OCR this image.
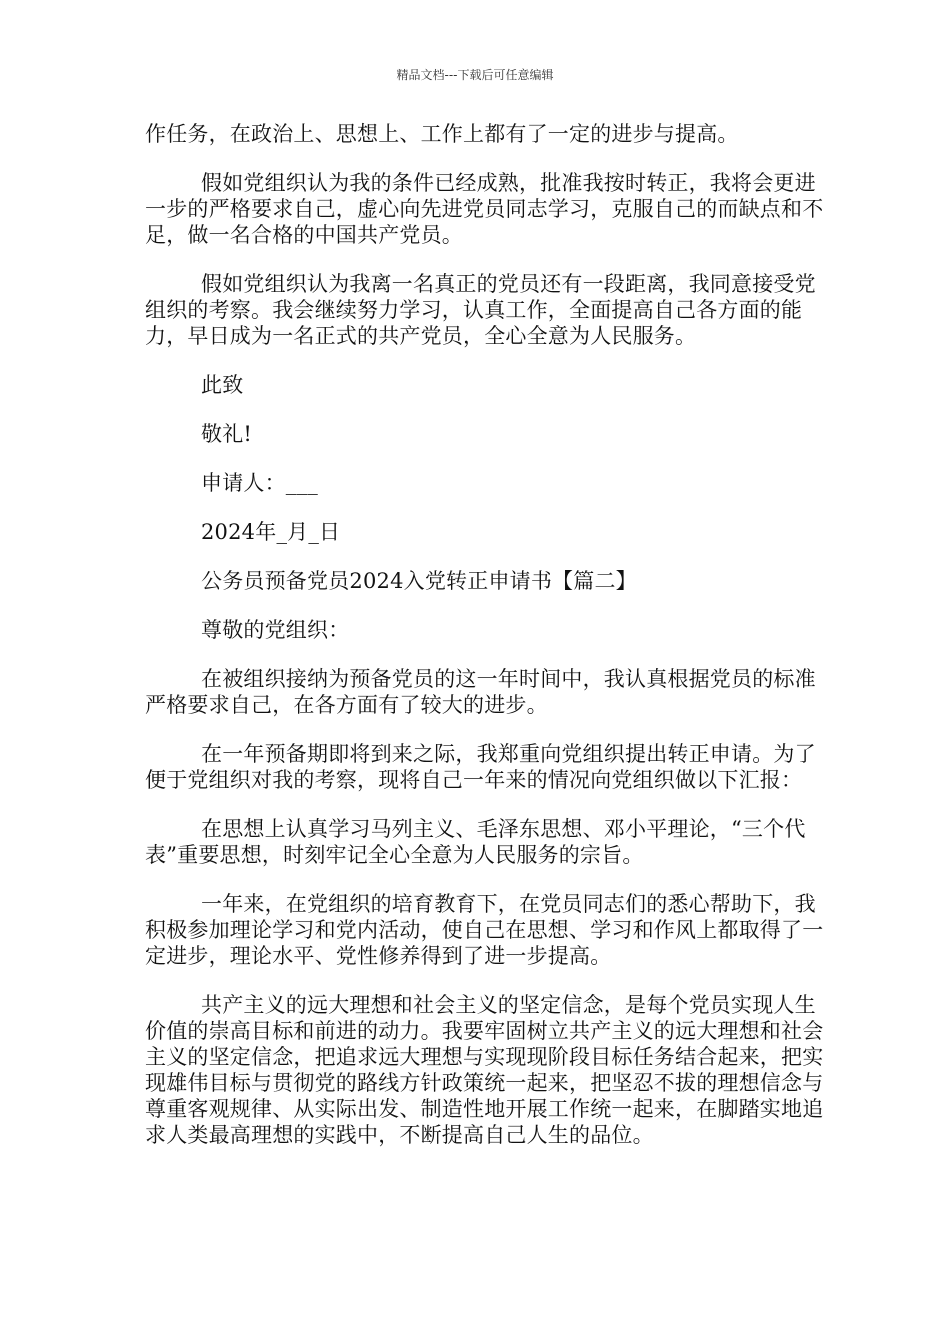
精品文档---下载后可任意编辑

作任务，在政治上、思想上、工作上都有了一定的进步与提高。

假如党组织认为我的条件已经成熟，批准我按时转正，我将会更进一步的严格要求自己，虚心向先进党员同志学习，克服自己的而缺点和不足，做一名合格的中国共产党员。

假如党组织认为我离一名真正的党员还有一段距离，我同意接受党组织的考察。我会继续努力学习，认真工作，全面提高自己各方面的能力，早日成为一名正式的共产党员，全心全意为人民服务。

此致

敬礼!

申请人：___

2024年_月_日

公务员预备党员2024入党转正申请书【篇二】

尊敬的党组织：

在被组织接纳为预备党员的这一年时间中，我认真根据党员的标准严格要求自己，在各方面有了较大的进步。

在一年预备期即将到来之际，我郑重向党组织提出转正申请。为了便于党组织对我的考察，现将自己一年来的情况向党组织做以下汇报：

在思想上认真学习马列主义、毛泽东思想、邓小平理论，“三个代表”重要思想，时刻牢记全心全意为人民服务的宗旨。

一年来，在党组织的培育教育下，在党员同志们的悉心帮助下，我积极参加理论学习和党内活动，使自己在思想、学习和作风上都取得了一定进步，理论水平、党性修养得到了进一步提高。

共产主义的远大理想和社会主义的坚定信念，是每个党员实现人生价值的崇高目标和前进的动力。我要牢固树立共产主义的远大理想和社会主义的坚定信念，把追求远大理想与实现现阶段目标任务结合起来，把实现雄伟目标与贯彻党的路线方针政策统一起来，把坚忍不拔的理想信念与尊重客观规律、从实际出发、制造性地开展工作统一起来，在脚踏实地追求人类最高理想的实践中，不断提高自己人生的品位。
